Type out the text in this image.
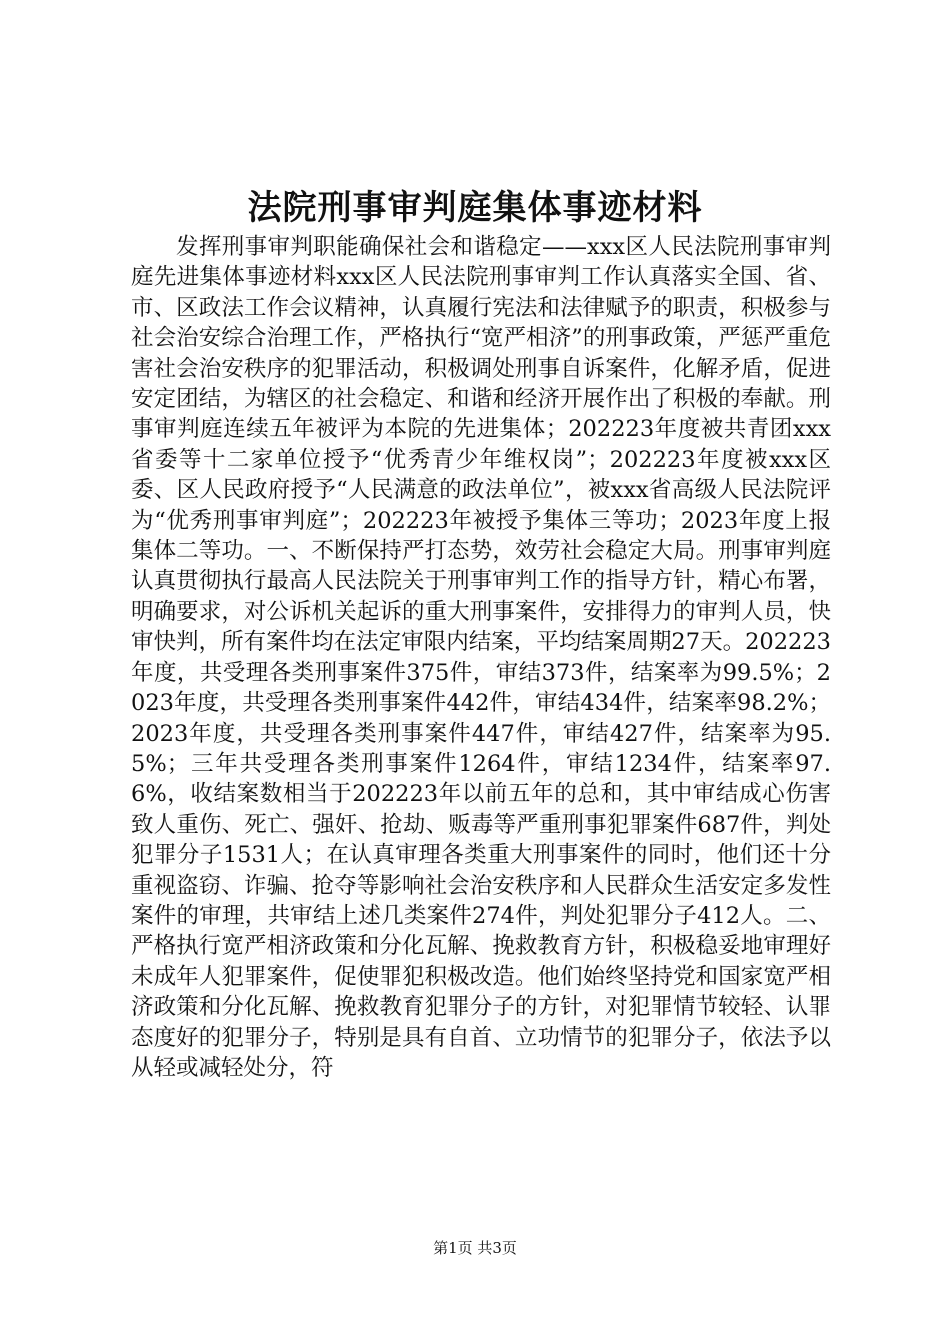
法院刑事审判庭集体事迹材料

发挥刑事审判职能确保社会和谐稳定——xxx区人民法院刑事审判庭先进集体事迹材料xxx区人民法院刑事审判工作认真落实全国、省、市、区政法工作会议精神，认真履行宪法和法律赋予的职责，积极参与社会治安综合治理工作，严格执行“宽严相济”的刑事政策，严惩严重危害社会治安秩序的犯罪活动，积极调处刑事自诉案件，化解矛盾，促进安定团结，为辖区的社会稳定、和谐和经济开展作出了积极的奉献。刑事审判庭连续五年被评为本院的先进集体；202223年度被共青团xxx省委等十二家单位授予“优秀青少年维权岗”；202223年度被xxx区委、区人民政府授予“人民满意的政法单位”，被xxx省高级人民法院评为“优秀刑事审判庭”；202223年被授予集体三等功；2023年度上报集体二等功。一、不断保持严打态势，效劳社会稳定大局。刑事审判庭认真贯彻执行最高人民法院关于刑事审判工作的指导方针，精心布署，明确要求，对公诉机关起诉的重大刑事案件，安排得力的审判人员，快审快判，所有案件均在法定审限内结案，平均结案周期27天。202223年度，共受理各类刑事案件375件，审结373件，结案率为99.5%；2023年度，共受理各类刑事案件442件，审结434件，结案率98.2%；2023年度，共受理各类刑事案件447件，审结427件，结案率为95.5%；三年共受理各类刑事案件1264件，审结1234件，结案率97.6%，收结案数相当于202223年以前五年的总和，其中审结成心伤害致人重伤、死亡、强奸、抢劫、贩毒等严重刑事犯罪案件687件，判处犯罪分子1531人；在认真审理各类重大刑事案件的同时，他们还十分重视盗窃、诈骗、抢夺等影响社会治安秩序和人民群众生活安定多发性案件的审理，共审结上述几类案件274件，判处犯罪分子412人。二、严格执行宽严相济政策和分化瓦解、挽救教育方针，积极稳妥地审理好未成年人犯罪案件，促使罪犯积极改造。他们始终坚持党和国家宽严相济政策和分化瓦解、挽救教育犯罪分子的方针，对犯罪情节较轻、认罪态度好的犯罪分子，特别是具有自首、立功情节的犯罪分子，依法予以从轻或减轻处分，符

第1页 共3页
